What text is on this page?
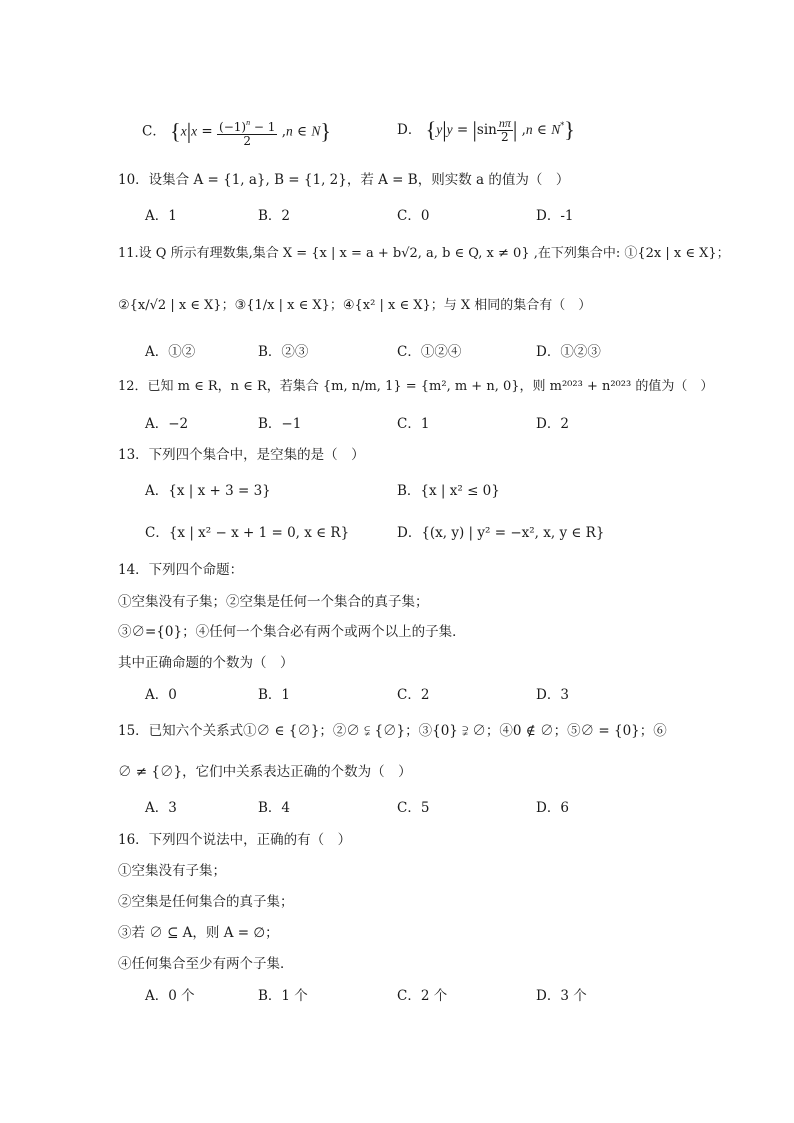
C． {$x|x = \frac{(-1)^n - 1}{2} ,n$ ∈ N}	D． {$y|y = |\sin \frac{n\pi}{2}$ | ,n ∈ N*}
10．设集合 A = {1, a}, B = {1, 2}，若 A = B，则实数 a 的值为（　）
A．1	B．2	C．0	D．-1
11.设 Q 所示有理数集,集合 X = {x | x = a + b√2, a, b ∈ Q, x ≠ 0} ,在下列集合中: ①{2x | x ∈ X}；
②{x/√2 | x ∈ X}；③{1/x | x ∈ X}；④{x² | x ∈ X}；与 X 相同的集合有（　）
A．①②	B．②③	C．①②④	D．①②③
12．已知 m ∈ R，n ∈ R，若集合 {m, n/m, 1} = {m², m + n, 0}，则 m²⁰²³ + n²⁰²³ 的值为（　）
A．−2	B．−1	C．1	D．2
13．下列四个集合中，是空集的是（　）
A．{x | x + 3 = 3}	B．{x | x² ≤ 0}
C．{x | x² − x + 1 = 0, x ∈ R}	D．{(x, y) | y² = −x², x, y ∈ R}
14．下列四个命题：
①空集没有子集；②空集是任何一个集合的真子集；
③∅={0}；④任何一个集合必有两个或两个以上的子集．
其中正确命题的个数为（　）
A．0	B．1	C．2	D．3
15．已知六个关系式①∅ ∈ {∅}；②∅ ⫋ {∅}；③{0} ⫌ ∅；④0 ∉ ∅；⑤∅ = {0}；⑥
∅ ≠ {∅}，它们中关系表达正确的个数为（　）
A．3	B．4	C．5	D．6
16．下列四个说法中，正确的有（　）
①空集没有子集；
②空集是任何集合的真子集；
③若 ∅ ⊆ A，则 A = ∅；
④任何集合至少有两个子集．
A．0 个	B．1 个	C．2 个	D．3 个
